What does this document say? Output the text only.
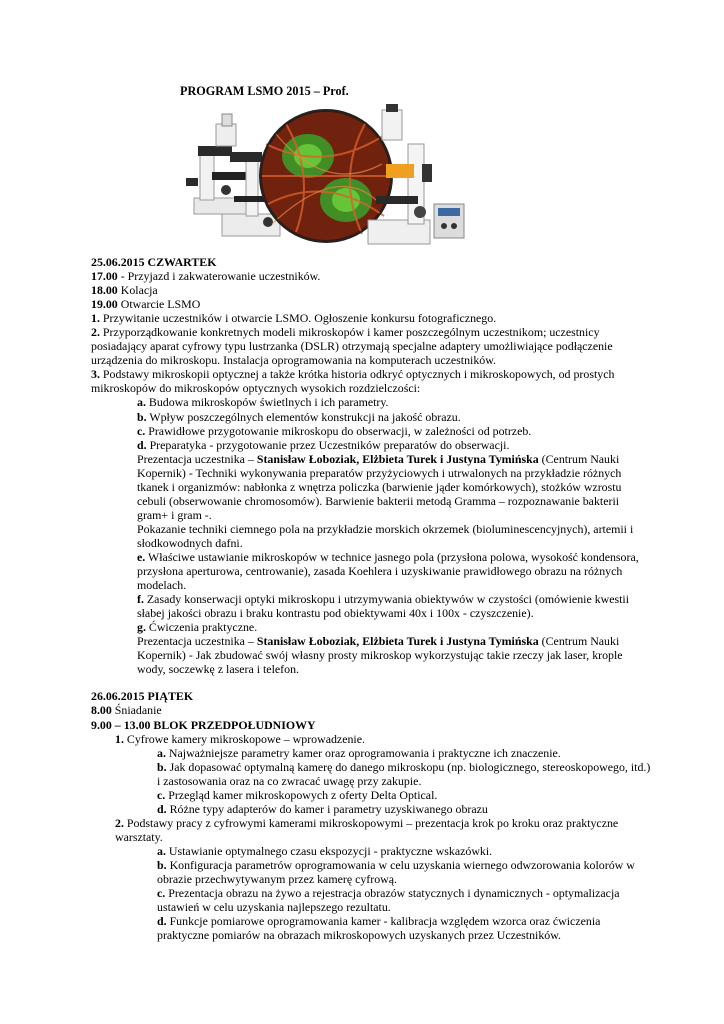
PROGRAM LSMO 2015 – Prof.

25.06.2015 CZWARTEK

17.00 - Przyjazd i zakwaterowanie uczestników.

18.00 Kolacja

19.00 Otwarcie LSMO

1. Przywitanie uczestników i otwarcie LSMO. Ogłoszenie konkursu fotograficznego.

2. Przyporządkowanie konkretnych modeli mikroskopów i kamer poszczególnym uczestnikom; uczestnicy posiadający aparat cyfrowy typu lustrzanka (DSLR) otrzymają specjalne adaptery umożliwiające podłączenie urządzenia do mikroskopu. Instalacja oprogramowania na komputerach uczestników.

3. Podstawy mikroskopii optycznej a także krótka historia odkryć optycznych i mikroskopowych, od prostych mikroskopów do mikroskopów optycznych wysokich rozdzielczości:

a. Budowa mikroskopów świetlnych i ich parametry.

b. Wpływ poszczególnych elementów konstrukcji na jakość obrazu.

c. Prawidłowe przygotowanie mikroskopu do obserwacji, w zależności od potrzeb.

d. Preparatyka - przygotowanie przez Uczestników preparatów do obserwacji.

Prezentacja uczestnika – Stanisław Łoboziak, Elżbieta Turek i Justyna Tymińska (Centrum Nauki Kopernik) - Techniki wykonywania preparatów przyżyciowych i utrwalonych na przykładzie różnych tkanek i organizmów: nabłonka z wnętrza policzka (barwienie jąder komórkowych), stożków wzrostu cebuli (obserwowanie chromosomów). Barwienie bakterii metodą Gramma – rozpoznawanie bakterii gram+ i gram -.

Pokazanie techniki ciemnego pola na przykładzie morskich okrzemek (bioluminescencyjnych), artemii i słodkowodnych dafni.

e. Właściwe ustawianie mikroskopów w technice jasnego pola (przysłona polowa, wysokość kondensora, przysłona aperturowa, centrowanie), zasada Koehlera i uzyskiwanie prawidłowego obrazu na różnych modelach.

f. Zasady konserwacji optyki mikroskopu i utrzymywania obiektywów w czystości (omówienie kwestii słabej jakości obrazu i braku kontrastu pod obiektywami 40x i 100x - czyszczenie).

g. Ćwiczenia praktyczne.

Prezentacja uczestnika – Stanisław Łoboziak, Elżbieta Turek i Justyna Tymińska (Centrum Nauki Kopernik) - Jak zbudować swój własny prosty mikroskop wykorzystując takie rzeczy jak laser, krople wody, soczewkę z lasera i telefon.

26.06.2015 PIĄTEK

8.00 Śniadanie

9.00 – 13.00 BLOK PRZEDPOŁUDNIOWY

1. Cyfrowe kamery mikroskopowe – wprowadzenie.

a. Najważniejsze parametry kamer oraz oprogramowania i praktyczne ich znaczenie.

b. Jak dopasować optymalną kamerę do danego mikroskopu (np. biologicznego, stereoskopowego, itd.) i zastosowania oraz na co zwracać uwagę przy zakupie.

c. Przegląd kamer mikroskopowych z oferty Delta Optical.

d. Różne typy adapterów do kamer i parametry uzyskiwanego obrazu

2. Podstawy pracy z cyfrowymi kamerami mikroskopowymi – prezentacja krok po kroku oraz praktyczne warsztaty.

a. Ustawianie optymalnego czasu ekspozycji - praktyczne wskazówki.

b. Konfiguracja parametrów oprogramowania w celu uzyskania wiernego odwzorowania kolorów w obrazie przechwytywanym przez kamerę cyfrową.

c. Prezentacja obrazu na żywo a rejestracja obrazów statycznych i dynamicznych - optymalizacja ustawień w celu uzyskania najlepszego rezultatu.

d. Funkcje pomiarowe oprogramowania kamer - kalibracja względem wzorca oraz ćwiczenia praktyczne pomiarów na obrazach mikroskopowych uzyskanych przez Uczestników.
